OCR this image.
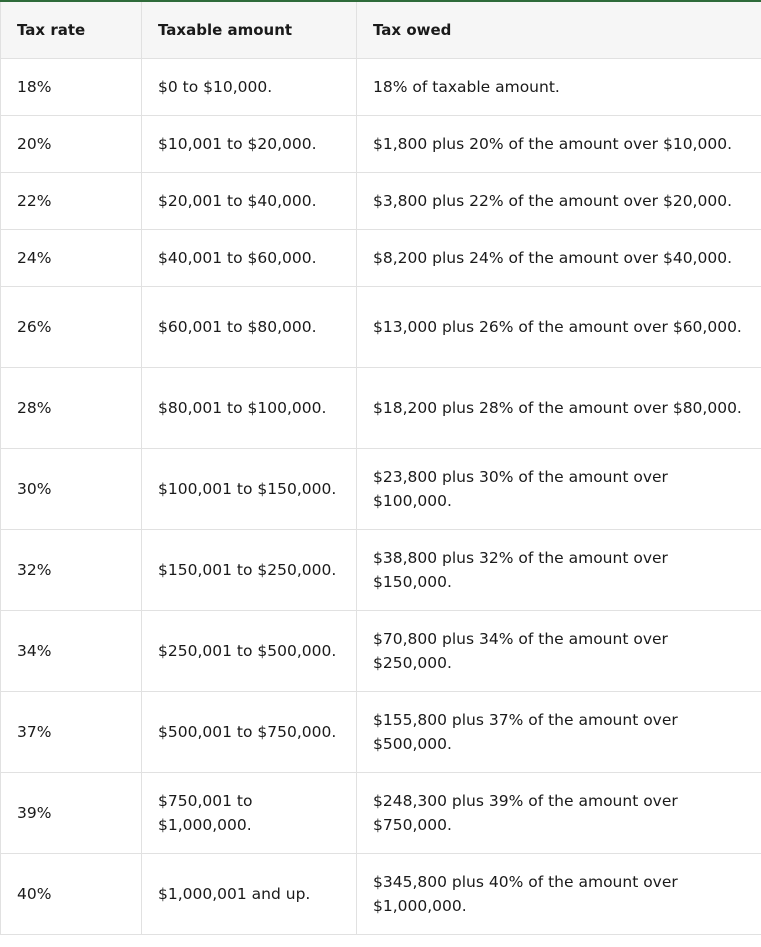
Tax rate	Taxable amount	Tax owed
18%	$0 to $10,000.	18% of taxable amount.
20%	$10,001 to $20,000.	$1,800 plus 20% of the amount over $10,000.
22%	$20,001 to $40,000.	$3,800 plus 22% of the amount over $20,000.
24%	$40,001 to $60,000.	$8,200 plus 24% of the amount over $40,000.
26%	$60,001 to $80,000.	$13,000 plus 26% of the amount over $60,000.
28%	$80,001 to $100,000.	$18,200 plus 28% of the amount over $80,000.
30%	$100,001 to $150,000.	$23,800 plus 30% of the amount over $100,000.
32%	$150,001 to $250,000.	$38,800 plus 32% of the amount over $150,000.
34%	$250,001 to $500,000.	$70,800 plus 34% of the amount over $250,000.
37%	$500,001 to $750,000.	$155,800 plus 37% of the amount over $500,000.
39%	$750,001 to $1,000,000.	$248,300 plus 39% of the amount over $750,000.
40%	$1,000,001 and up.	$345,800 plus 40% of the amount over $1,000,000.
